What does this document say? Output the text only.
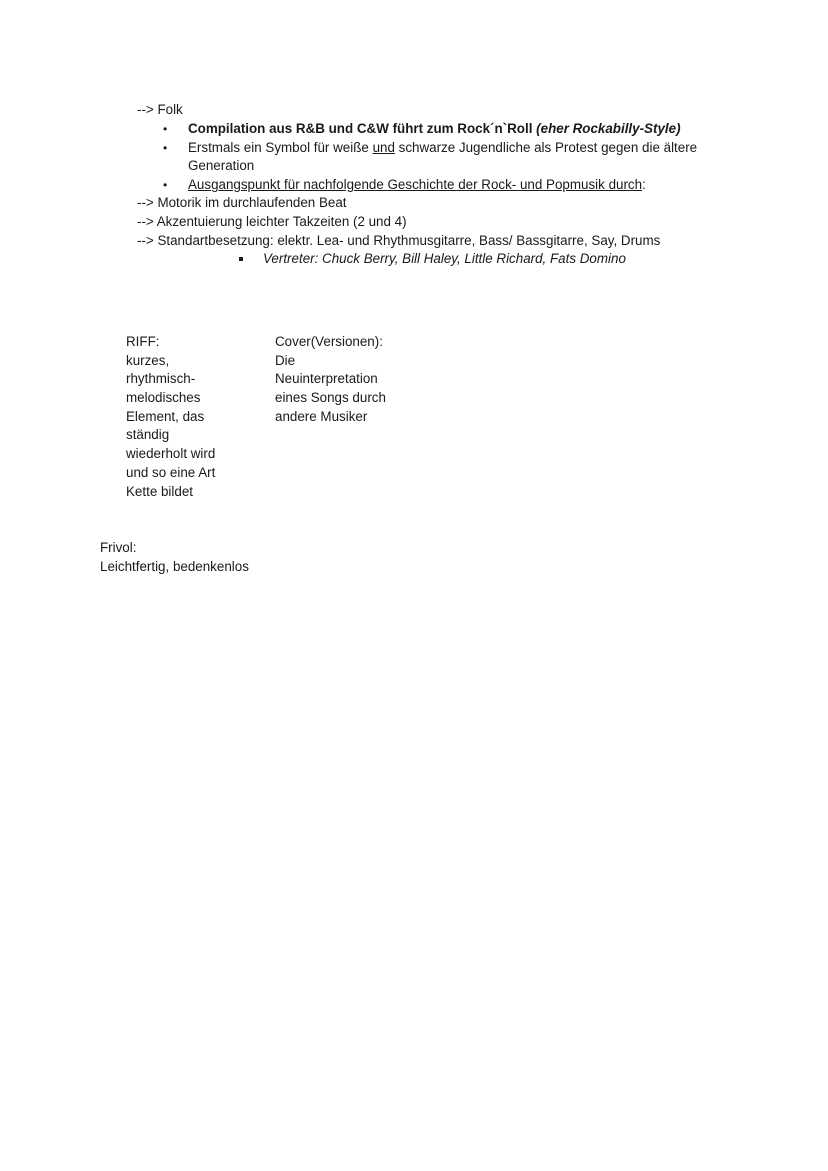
--> Folk
• Compilation aus R&B und C&W führt zum Rock´n`Roll (eher Rockabilly-Style)
• Erstmals ein Symbol für weiße und schwarze Jugendliche als Protest gegen die ältere
Generation
• Ausgangspunkt für nachfolgende Geschichte der Rock- und Popmusik durch:
--> Motorik im durchlaufenden Beat
--> Akzentuierung leichter Takzeiten (2 und 4)
--> Standartbesetzung: elektr. Lea- und Rhythmusgitarre, Bass/ Bassgitarre, Say, Drums
Vertreter: Chuck Berry, Bill Haley, Little Richard, Fats Domino
RIFF:
kurzes,
rhythmisch-
melodisches
Element, das
ständig
wiederholt wird
und so eine Art
Kette bildet
Cover(Versionen):
Die
Neuinterpretation
eines Songs durch
andere Musiker
Frivol:
Leichtfertig, bedenkenlos
